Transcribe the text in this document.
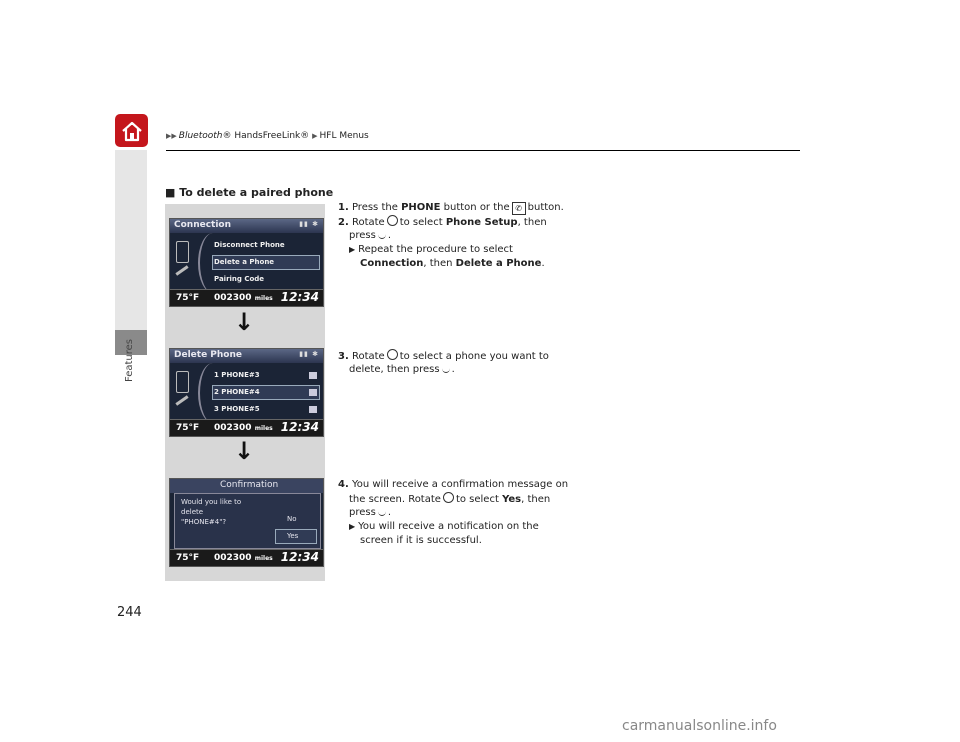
Features
▶▶ Bluetooth® HandsFreeLink® ▶ HFL Menus
■ To delete a paired phone
Connection	▮▮ ✱
Disconnect Phone
Delete a Phone
Pairing Code
75°F 002300 miles 12:34
↓
Delete Phone	▮▮ ✱
1 PHONE#3
2 PHONE#4
3 PHONE#5
75°F 002300 miles 12:34
↓
Confirmation
Would you like to
delete
"PHONE#4"?	No
Yes
75°F 002300 miles 12:34
1. Press the PHONE button or the ✆ button.
2. Rotate to select Phone Setup, then
press .
▶ Repeat the procedure to select
Connection, then Delete a Phone.
3. Rotate to select a phone you want to
delete, then press .
4. You will receive a confirmation message on
the screen. Rotate to select Yes, then
press .
▶ You will receive a notification on the
screen if it is successful.
244
carmanualsonline.info
